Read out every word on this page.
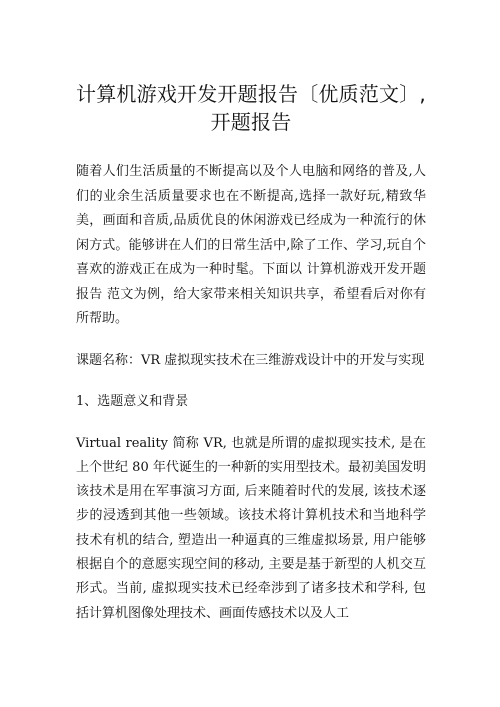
计算机游戏开发开题报告〔优质范文〕,开题报告

随着人们生活质量的不断提高以及个人电脑和网络的普及,人们的业余生活质量要求也在不断提高,选择一款好玩,精致华美，画面和音质,品质优良的休闲游戏已经成为一种流行的休闲方式。能够讲在人们的日常生活中,除了工作、学习,玩自个喜欢的游戏正在成为一种时髦。下面以 计算机游戏开发开题报告 范文为例，给大家带来相关知识共享，希望看后对你有所帮助。

课题名称：VR 虚拟现实技术在三维游戏设计中的开发与实现

1、选题意义和背景

Virtual reality 简称 VR, 也就是所谓的虚拟现实技术, 是在上个世纪 80 年代诞生的一种新的实用型技术。最初美国发明该技术是用在军事演习方面, 后来随着时代的发展, 该技术逐步的浸透到其他一些领域。该技术将计算机技术和当地科学技术有机的结合, 塑造出一种逼真的三维虚拟场景, 用户能够根据自个的意愿实现空间的移动, 主要是基于新型的人机交互形式。当前, 虚拟现实技术已经牵涉到了诸多技术和学科, 包括计算机图像处理技术、画面传感技术以及人工
